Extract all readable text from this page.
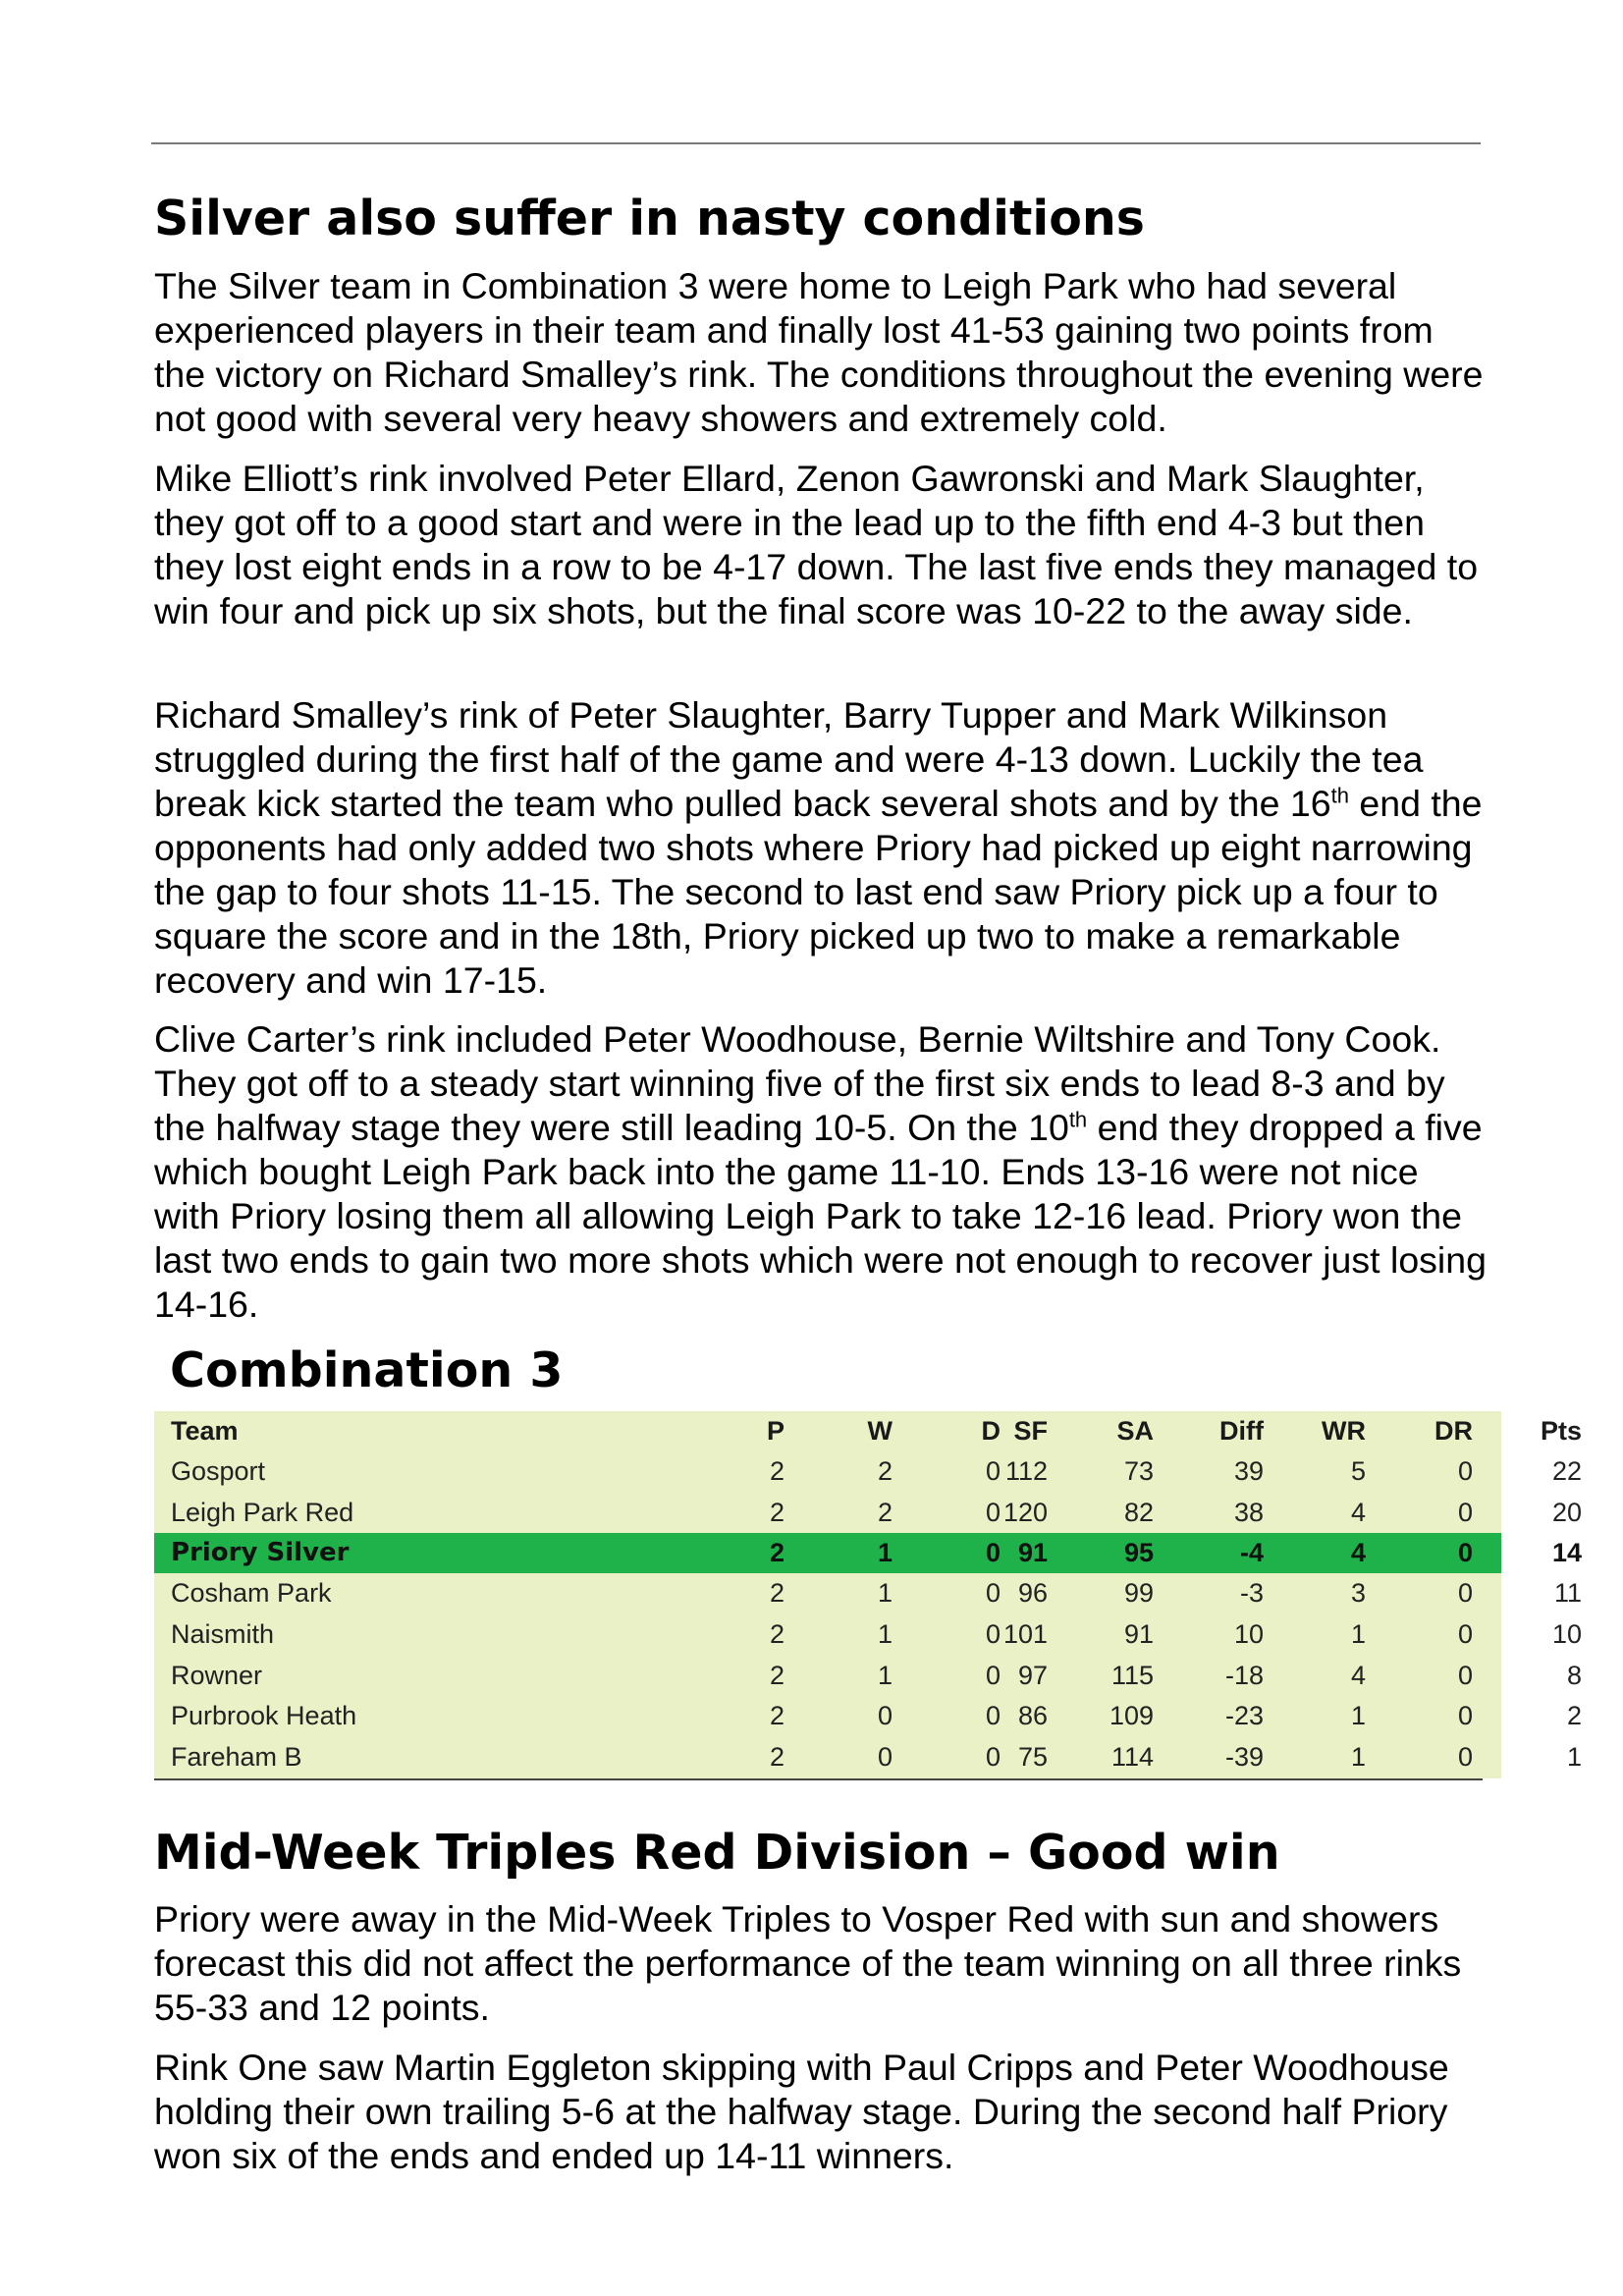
Silver also suffer in nasty conditions

The Silver team in Combination 3 were home to Leigh Park who had several experienced players in their team and finally lost 41-53 gaining two points from the victory on Richard Smalley’s rink. The conditions throughout the evening were not good with several very heavy showers and extremely cold.

Mike Elliott’s rink involved Peter Ellard, Zenon Gawronski and Mark Slaughter, they got off to a good start and were in the lead up to the fifth end 4-3 but then they lost eight ends in a row to be 4-17 down. The last five ends they managed to win four and pick up six shots, but the final score was 10-22 to the away side.

Richard Smalley’s rink of Peter Slaughter, Barry Tupper and Mark Wilkinson struggled during the first half of the game and were 4-13 down. Luckily the tea break kick started the team who pulled back several shots and by the 16th end the opponents had only added two shots where Priory had picked up eight narrowing the gap to four shots 11-15. The second to last end saw Priory pick up a four to square the score and in the 18th, Priory picked up two to make a remarkable recovery and win 17-15.

Clive Carter’s rink included Peter Woodhouse, Bernie Wiltshire and Tony Cook. They got off to a steady start winning five of the first six ends to lead 8-3 and by the halfway stage they were still leading 10-5. On the 10th end they dropped a five which bought Leigh Park back into the game 11-10. Ends 13-16 were not nice with Priory losing them all allowing Leigh Park to take 12-16 lead. Priory won the last two ends to gain two more shots which were not enough to recover just losing 14-16.

Combination 3
Team	P	W	D SF	SA	Diff	WR	DR	Pts
Gosport	2	2	0 112	73	39	5	0	22
Leigh Park Red	2	2	0 120	82	38	4	0	20
Priory Silver	2	1	0 91	95	-4	4	0	14
Cosham Park	2	1	0 96	99	-3	3	0	11
Naismith	2	1	0 101	91	10	1	0	10
Rowner	2	1	0 97	115	-18	4	0	8
Purbrook Heath	2	0	0 86	109	-23	1	0	2
Fareham B	2	0	0 75	114	-39	1	0	1
Mid-Week Triples Red Division – Good win

Priory were away in the Mid-Week Triples to Vosper Red with sun and showers forecast this did not affect the performance of the team winning on all three rinks 55-33 and 12 points.

Rink One saw Martin Eggleton skipping with Paul Cripps and Peter Woodhouse holding their own trailing 5-6 at the halfway stage. During the second half Priory won six of the ends and ended up 14-11 winners.
